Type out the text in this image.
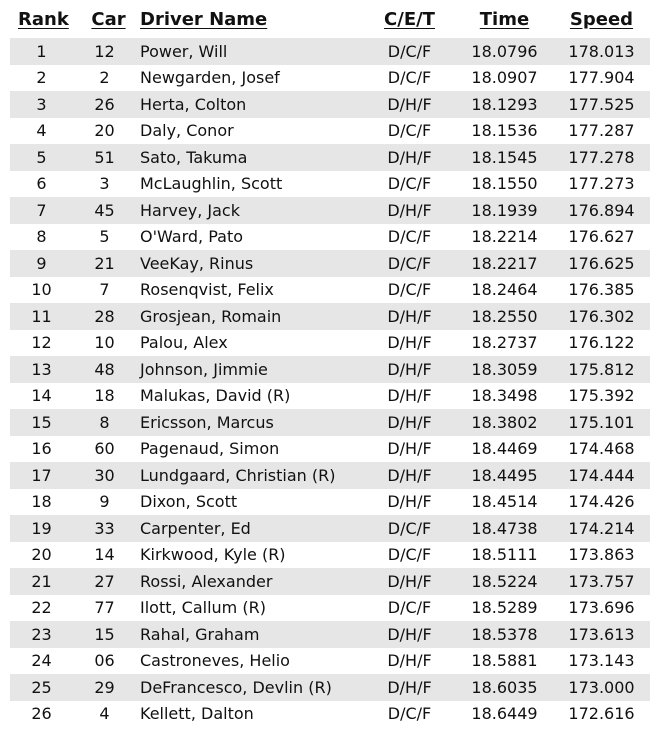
Rank	Car	Driver Name	C/E/T	Time	Speed
1	12	Power, Will	D/C/F	18.0796	178.013
2	2	Newgarden, Josef	D/C/F	18.0907	177.904
3	26	Herta, Colton	D/H/F	18.1293	177.525
4	20	Daly, Conor	D/C/F	18.1536	177.287
5	51	Sato, Takuma	D/H/F	18.1545	177.278
6	3	McLaughlin, Scott	D/C/F	18.1550	177.273
7	45	Harvey, Jack	D/H/F	18.1939	176.894
8	5	O'Ward, Pato	D/C/F	18.2214	176.627
9	21	VeeKay, Rinus	D/C/F	18.2217	176.625
10	7	Rosenqvist, Felix	D/C/F	18.2464	176.385
11	28	Grosjean, Romain	D/H/F	18.2550	176.302
12	10	Palou, Alex	D/H/F	18.2737	176.122
13	48	Johnson, Jimmie	D/H/F	18.3059	175.812
14	18	Malukas, David (R)	D/H/F	18.3498	175.392
15	8	Ericsson, Marcus	D/H/F	18.3802	175.101
16	60	Pagenaud, Simon	D/H/F	18.4469	174.468
17	30	Lundgaard, Christian (R)	D/H/F	18.4495	174.444
18	9	Dixon, Scott	D/H/F	18.4514	174.426
19	33	Carpenter, Ed	D/C/F	18.4738	174.214
20	14	Kirkwood, Kyle (R)	D/C/F	18.5111	173.863
21	27	Rossi, Alexander	D/H/F	18.5224	173.757
22	77	Ilott, Callum (R)	D/C/F	18.5289	173.696
23	15	Rahal, Graham	D/H/F	18.5378	173.613
24	06	Castroneves, Helio	D/H/F	18.5881	173.143
25	29	DeFrancesco, Devlin (R)	D/H/F	18.6035	173.000
26	4	Kellett, Dalton	D/C/F	18.6449	172.616
